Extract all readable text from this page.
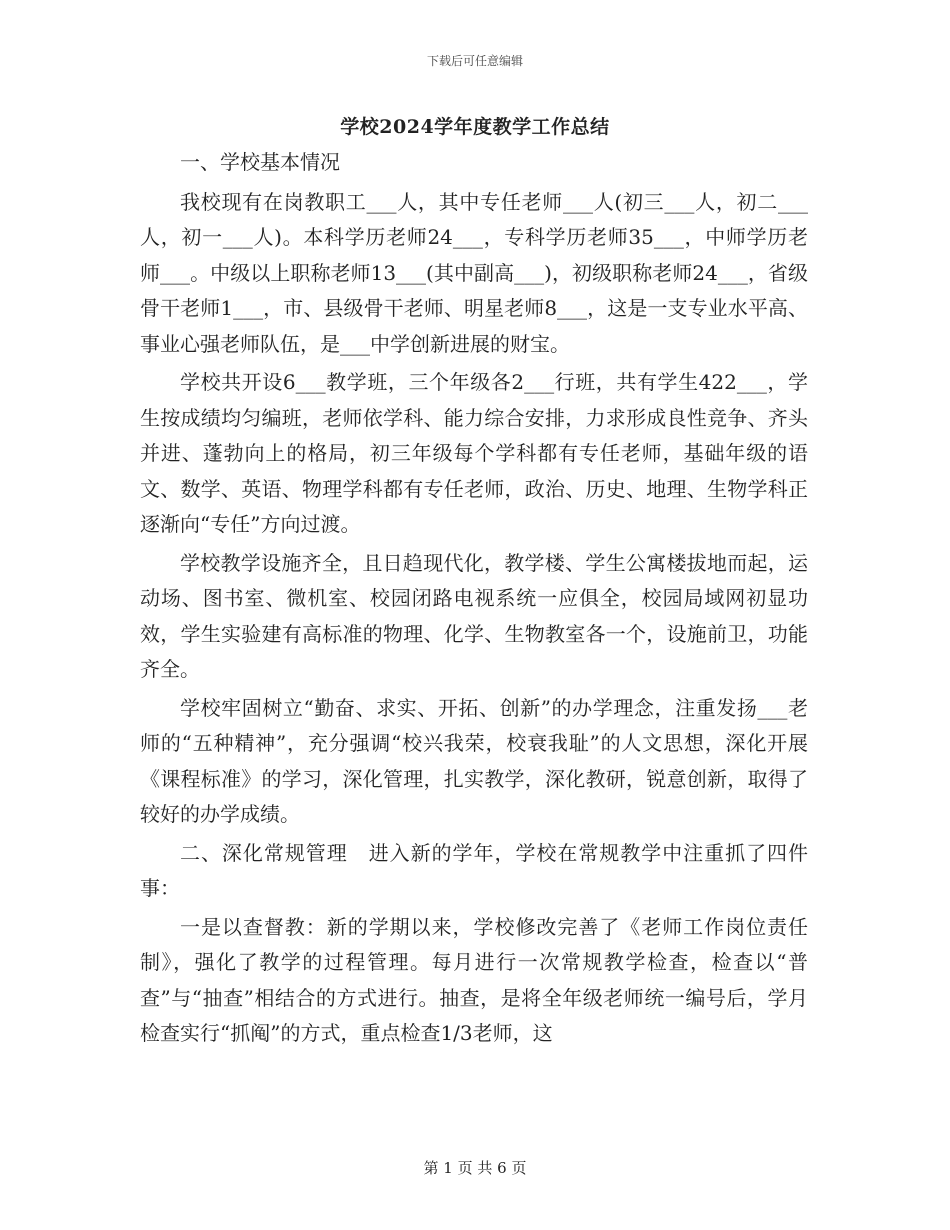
下载后可任意编辑
学校2024学年度教学工作总结

一、学校基本情况

我校现有在岗教职工___人，其中专任老师___人(初三___人，初二___人，初一___人)。本科学历老师24___，专科学历老师35___，中师学历老师___。中级以上职称老师13___(其中副高___)，初级职称老师24___，省级骨干老师1___，市、县级骨干老师、明星老师8___，这是一支专业水平高、事业心强老师队伍，是___中学创新进展的财宝。

学校共开设6___教学班，三个年级各2___行班，共有学生422___，学生按成绩均匀编班，老师依学科、能力综合安排，力求形成良性竞争、齐头并进、蓬勃向上的格局，初三年级每个学科都有专任老师，基础年级的语文、数学、英语、物理学科都有专任老师，政治、历史、地理、生物学科正逐渐向“专任”方向过渡。

学校教学设施齐全，且日趋现代化，教学楼、学生公寓楼拔地而起，运动场、图书室、微机室、校园闭路电视系统一应俱全，校园局域网初显功效，学生实验建有高标准的物理、化学、生物教室各一个，设施前卫，功能齐全。

学校牢固树立“勤奋、求实、开拓、创新”的办学理念，注重发扬___老师的“五种精神”，充分强调“校兴我荣，校衰我耻”的人文思想，深化开展《课程标准》的学习，深化管理，扎实教学，深化教研，锐意创新，取得了较好的办学成绩。

二、深化常规管理　进入新的学年，学校在常规教学中注重抓了四件事：

一是以查督教：新的学期以来，学校修改完善了《老师工作岗位责任制》，强化了教学的过程管理。每月进行一次常规教学检查，检查以“普查”与“抽查”相结合的方式进行。抽查，是将全年级老师统一编号后，学月检查实行“抓阄”的方式，重点检查1/3老师，这

第 1 页 共 6 页
